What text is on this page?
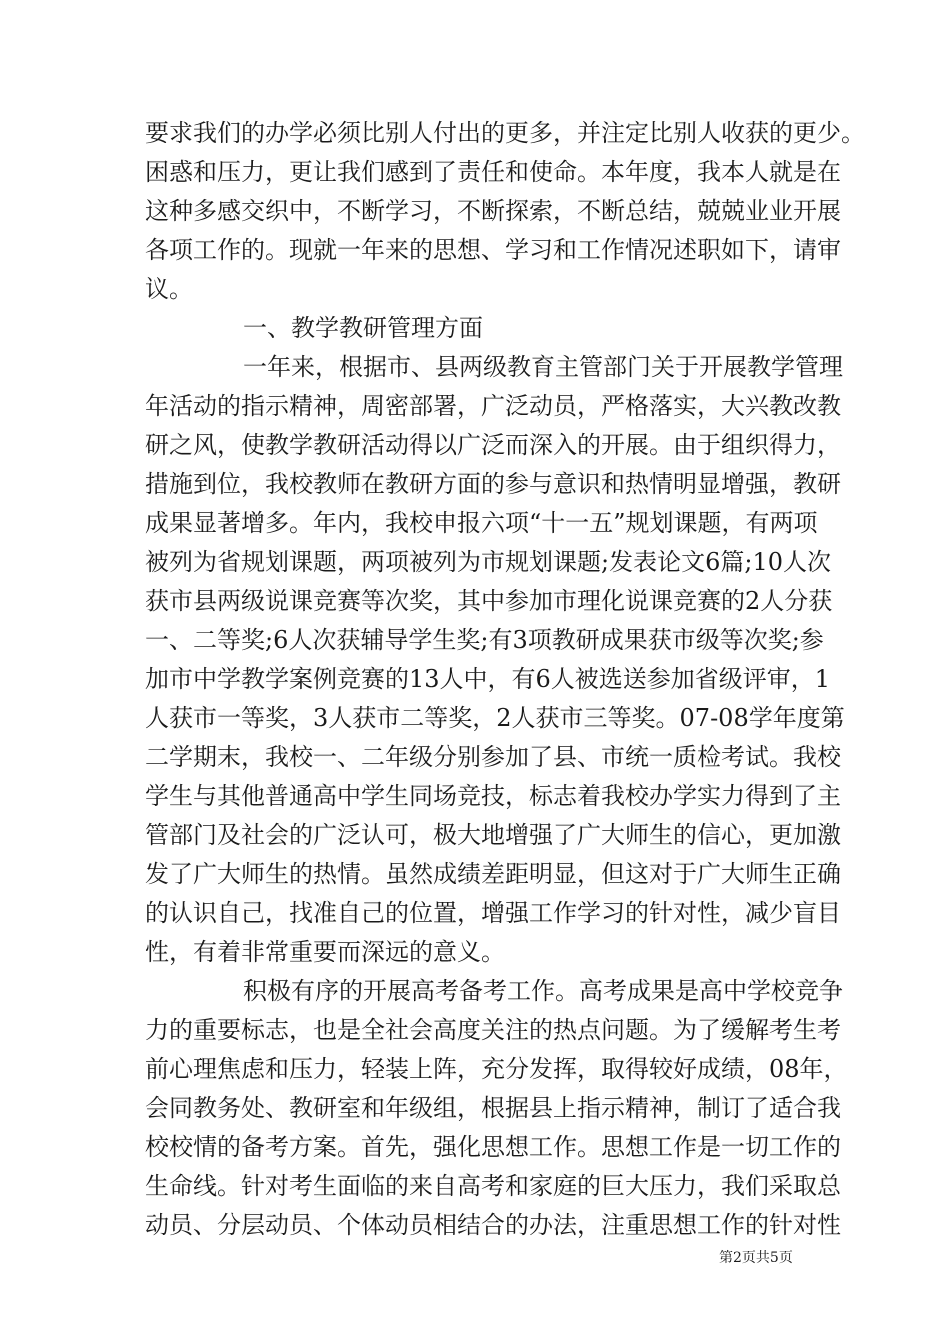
要求我们的办学必须比别人付出的更多，并注定比别人收获的更少。
困惑和压力，更让我们感到了责任和使命。本年度，我本人就是在
这种多感交织中，不断学习，不断探索，不断总结，兢兢业业开展
各项工作的。现就一年来的思想、学习和工作情况述职如下，请审
议。
一、教学教研管理方面
一年来，根据市、县两级教育主管部门关于开展教学管理
年活动的指示精神，周密部署，广泛动员，严格落实，大兴教改教
研之风，使教学教研活动得以广泛而深入的开展。由于组织得力，
措施到位，我校教师在教研方面的参与意识和热情明显增强，教研
成果显著增多。年内，我校申报六项“十一五”规划课题，有两项
被列为省规划课题，两项被列为市规划课题;发表论文6篇;10人次
获市县两级说课竞赛等次奖，其中参加市理化说课竞赛的2人分获
一、二等奖;6人次获辅导学生奖;有3项教研成果获市级等次奖;参
加市中学教学案例竞赛的13人中，有6人被选送参加省级评审，1
人获市一等奖，3人获市二等奖，2人获市三等奖。07-08学年度第
二学期末，我校一、二年级分别参加了县、市统一质检考试。我校
学生与其他普通高中学生同场竞技，标志着我校办学实力得到了主
管部门及社会的广泛认可，极大地增强了广大师生的信心，更加激
发了广大师生的热情。虽然成绩差距明显，但这对于广大师生正确
的认识自己，找准自己的位置，增强工作学习的针对性，减少盲目
性，有着非常重要而深远的意义。
积极有序的开展高考备考工作。高考成果是高中学校竞争
力的重要标志，也是全社会高度关注的热点问题。为了缓解考生考
前心理焦虑和压力，轻装上阵，充分发挥，取得较好成绩，08年，
会同教务处、教研室和年级组，根据县上指示精神，制订了适合我
校校情的备考方案。首先，强化思想工作。思想工作是一切工作的
生命线。针对考生面临的来自高考和家庭的巨大压力，我们采取总
动员、分层动员、个体动员相结合的办法，注重思想工作的针对性
第2页共5页
